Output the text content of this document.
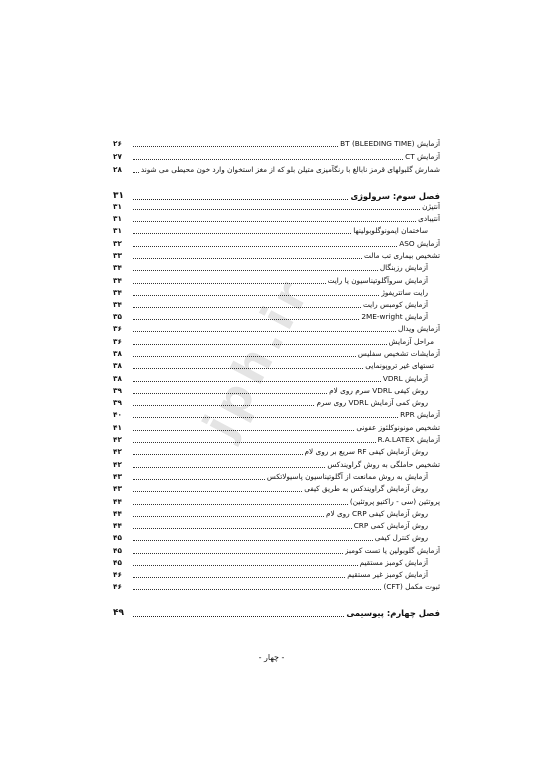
آزمایش BT (BLEEDING TIME)
۲۶
آزمایش CT
۲۷
شمارش گلبولهای قرمز نابالغ با رنگآمیزی متیلن بلو که از مغز استخوان وارد خون محیطی می شوند
۲۸
فصل سوم: سرولوژی
۳۱
آنتیژن
۳۱
آنتیبادی
۳۱
ساختمان ایمونوگلوبولینها
۳۱
آزمایش ASO
۳۲
تشخیص بیماری تب مالت
۳۳
آزمایش رزبنگال
۳۴
آزمایش سروآگلوتیناسیون یا رایت
۳۴
رایت ساتتریفوژ
۳۴
آزمایش کومبس رایت
۳۴
آزمایش 2ME-wright
۳۵
آزمایش ویدال
۳۶
مراحل آزمایش
۳۶
آزمایشات تشخیص سفلیس
۳۸
تستهای غیر تروپونمایی
۳۸
آزمایش VDRL
۳۸
روش کیفی VDRL سرم روی لام
۳۹
روش کمی آزمایش VDRL روی سرم
۳۹
آزمایش RPR
۴۰
تشخیص مونونوکلئوز عفونی
۴۱
آزمایش R.A.LATEX
۴۲
روش آزمایش کیفی RF سریع بر روی لام
۴۲
تشخیص حاملگی به روش گراویندکس
۴۲
آزمایش به روش ممانعت از آگلوتیناسیون پاسیولاتکس
۴۳
روش آزمایش گراویندکس به طریق کیفی
۴۳
پروتئین (سی - راکتیو پروتئین)
۴۴
روش آزمایش کیفی CRP روی لام
۴۴
روش آزمایش کمی CRP
۴۴
روش کنترل کیفی
۴۵
آزمایش گلوبولین یا تست کومبز
۴۵
آزمایش کومبز مستقیم
۴۵
آزمایش کومبز غیر مستقیم
۴۶
ثبوت مکمل (CFT)
۴۶
فصل چهارم: پیوسیمی
۴۹
- چهار -
jph.ir
